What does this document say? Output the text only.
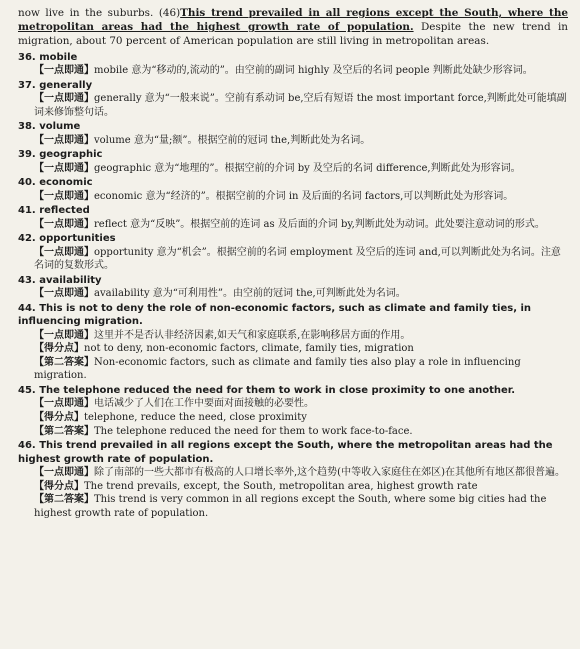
now live in the suburbs. (46)This trend prevailed in all regions except the South, where the metropolitan areas had the highest growth rate of population. Despite the new trend in migration, about 70 percent of American population are still living in metropolitan areas.

36. mobile
【一点即通】mobile 意为“移动的,流动的”。由空前的副词 highly 及空后的名词 people 判断此处缺少形容词。
37. generally
【一点即通】generally 意为“一般来说”。空前有系动词 be,空后有短语 the most important force,判断此处可能填副词来修饰整句话。
38. volume
【一点即通】volume 意为“量;额”。根据空前的冠词 the,判断此处为名词。
39. geographic
【一点即通】geographic 意为“地理的”。根据空前的介词 by 及空后的名词 difference,判断此处为形容词。
40. economic
【一点即通】economic 意为“经济的”。根据空前的介词 in 及后面的名词 factors,可以判断此处为形容词。
41. reflected
【一点即通】reflect 意为“反映”。根据空前的连词 as 及后面的介词 by,判断此处为动词。此处要注意动词的形式。
42. opportunities
【一点即通】opportunity 意为“机会”。根据空前的名词 employment 及空后的连词 and,可以判断此处为名词。注意名词的复数形式。
43. availability
【一点即通】availability 意为“可利用性”。由空前的冠词 the,可判断此处为名词。
44. This is not to deny the role of non-economic factors, such as climate and family ties, in influencing migration.
【一点即通】这里并不是否认非经济因素,如天气和家庭联系,在影响移居方面的作用。
【得分点】not to deny, non-economic factors, climate, family ties, migration
【第二答案】Non-economic factors, such as climate and family ties also play a role in influencing migration.
45. The telephone reduced the need for them to work in close proximity to one another.
【一点即通】电话减少了人们在工作中要面对面接触的必要性。
【得分点】telephone, reduce the need, close proximity
【第二答案】The telephone reduced the need for them to work face-to-face.
46. This trend prevailed in all regions except the South, where the metropolitan areas had the highest growth rate of population.
【一点即通】除了南部的一些大都市有极高的人口增长率外,这个趋势(中等收入家庭住在郊区)在其他所有地区都很普遍。
【得分点】The trend prevails, except, the South, metropolitan area, highest growth rate
【第二答案】This trend is very common in all regions except the South, where some big cities had the highest growth rate of population.
